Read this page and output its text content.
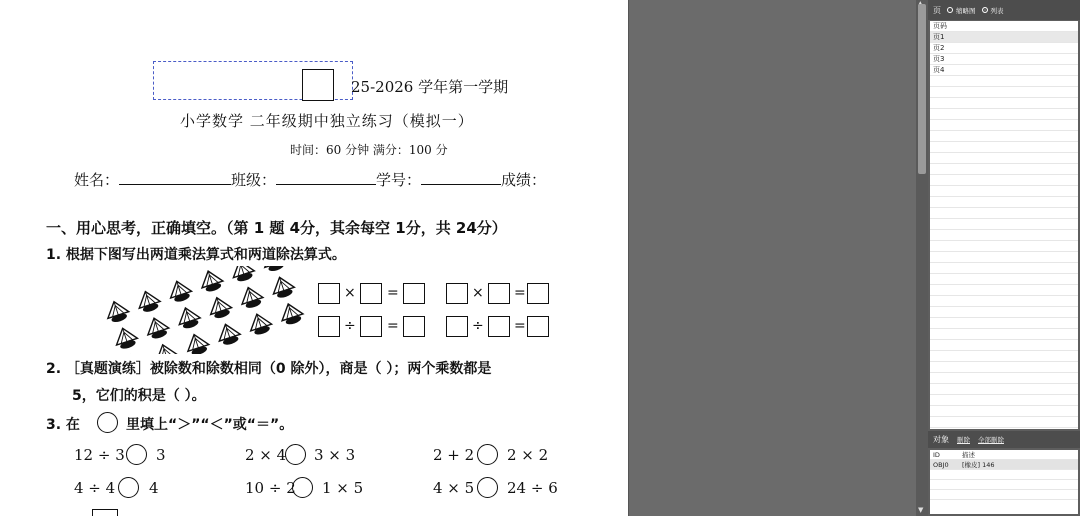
25-2026 学年第一学期
小学数学 二年级期中独立练习（模拟一）
时间：60 分钟 满分：100 分
姓名：	班级：	学号：	成绩：
一、用心思考，正确填空。（第 1 题 4分，其余每空 1分，共 24分）
1. 根据下图写出两道乘法算式和两道除法算式。
× =	× =
÷ =	÷ =
2. ［真题演练］被除数和除数相同（0 除外），商是（ ）；两个乘数都是
5，它们的积是（ ）。
3. 在	里填上“＞”“＜”或“＝”。
12 ÷ 3 3	2 × 4 3 × 3	2 + 2 2 × 2
4 ÷ 4 4	10 ÷ 2 1 × 5	4 × 5 24 ÷ 6
▼
页 缩略图 列表
页码
页1
页2
页3
页4
对象 删除 全部删除
ID	描述
OBJ0	[橡皮] 146
